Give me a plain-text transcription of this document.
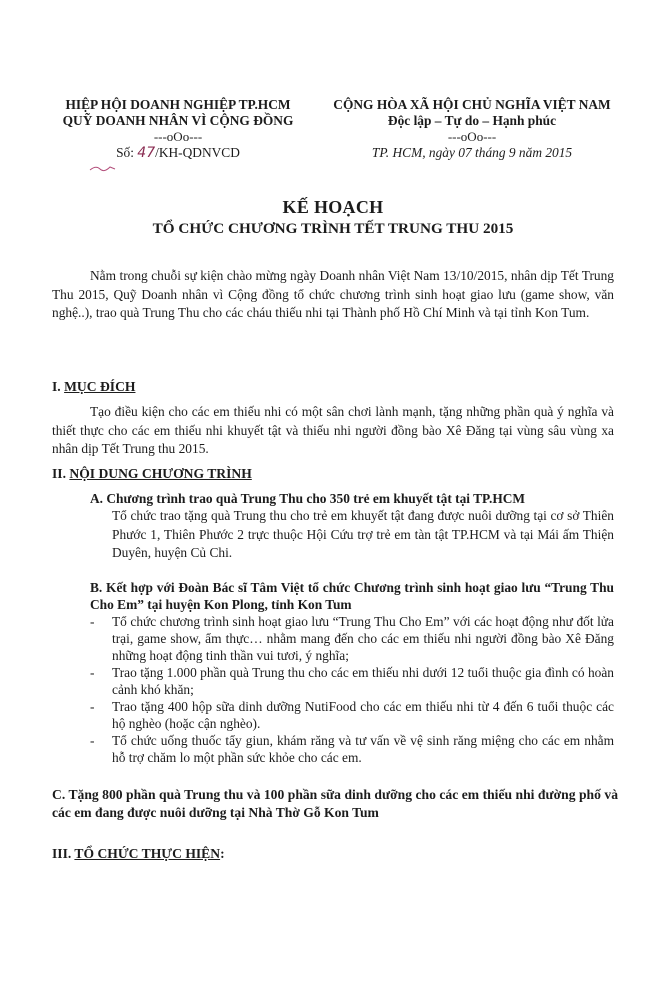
HIỆP HỘI DOANH NGHIỆP TP.HCM
QUỸ DOANH NHÂN VÌ CỘNG ĐỒNG
---oOo---
CỘNG HÒA XÃ HỘI CHỦ NGHĨA VIỆT NAM
Độc lập – Tự do – Hạnh phúc
---oOo---
Số: 47/KH-QDNVCD	TP. HCM, ngày 07 tháng 9 năm 2015
KẾ HOẠCH
TỔ CHỨC CHƯƠNG TRÌNH TẾT TRUNG THU 2015
Nằm trong chuỗi sự kiện chào mừng ngày Doanh nhân Việt Nam 13/10/2015, nhân dịp Tết Trung Thu 2015, Quỹ Doanh nhân vì Cộng đồng tổ chức chương trình sinh hoạt giao lưu (game show, văn nghệ..), trao quà Trung Thu cho các cháu thiếu nhi tại Thành phố Hồ Chí Minh và tại tỉnh Kon Tum.
I. MỤC ĐÍCH
Tạo điều kiện cho các em thiếu nhi có một sân chơi lành mạnh, tặng những phần quà ý nghĩa và thiết thực cho các em thiếu nhi khuyết tật và thiếu nhi người đồng bào Xê Đăng tại vùng sâu vùng xa nhân dịp Tết Trung thu 2015.
II. NỘI DUNG CHƯƠNG TRÌNH
A. Chương trình trao quà Trung Thu cho 350 trẻ em khuyết tật tại TP.HCM
Tổ chức trao tặng quà Trung thu cho trẻ em khuyết tật đang được nuôi dưỡng tại cơ sở Thiên Phước 1, Thiên Phước 2 trực thuộc Hội Cứu trợ trẻ em tàn tật TP.HCM và tại Mái ấm Thiện Duyên, huyện Củ Chi.
B. Kết hợp với Đoàn Bác sĩ Tâm Việt tổ chức Chương trình sinh hoạt giao lưu “Trung Thu Cho Em” tại huyện Kon Plong, tỉnh Kon Tum
-	Tổ chức chương trình sinh hoạt giao lưu “Trung Thu Cho Em” với các hoạt động như đốt lửa trại, game show, ẩm thực… nhằm mang đến cho các em thiếu nhi người đồng bào Xê Đăng những hoạt động tinh thần vui tươi, ý nghĩa;
-	Trao tặng 1.000 phần quà Trung thu cho các em thiếu nhi dưới 12 tuổi thuộc gia đình có hoàn cảnh khó khăn;
-	Trao tặng 400 hộp sữa dinh dưỡng NutiFood cho các em thiếu nhi từ 4 đến 6 tuổi thuộc các hộ nghèo (hoặc cận nghèo).
-	Tổ chức uống thuốc tẩy giun, khám răng và tư vấn về vệ sinh răng miệng cho các em nhằm hỗ trợ chăm lo một phần sức khỏe cho các em.
C. Tặng 800 phần quà Trung thu và 100 phần sữa dinh dưỡng cho các em thiếu nhi đường phố và các em đang được nuôi dưỡng tại Nhà Thờ Gỗ Kon Tum
III. TỔ CHỨC THỰC HIỆN:
